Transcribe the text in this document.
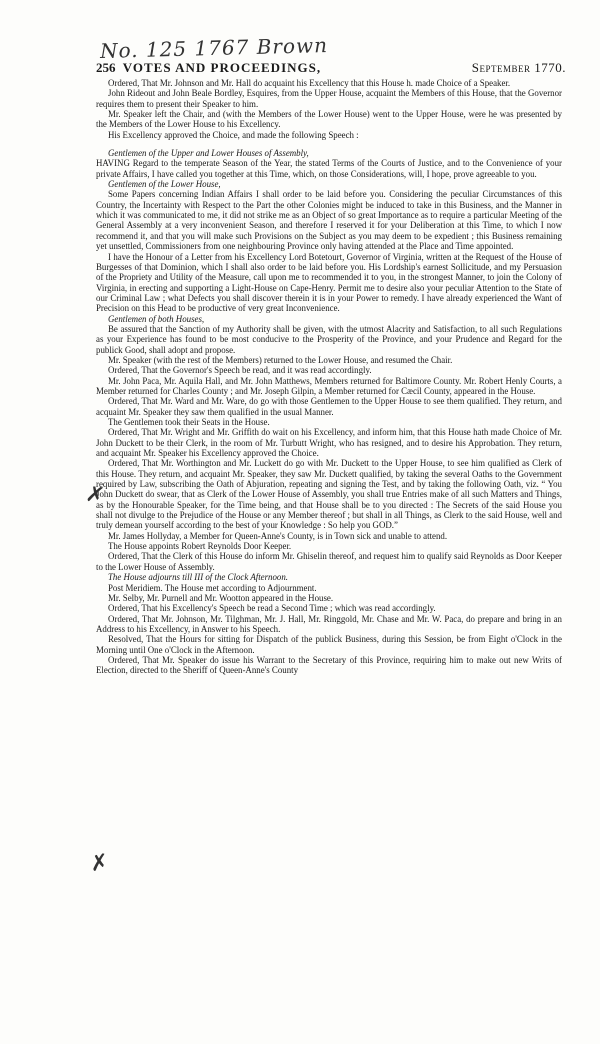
No. 125 1767 Brown
256 VOTES AND PROCEEDINGS,	September 1770.

Ordered, That Mr. Johnson and Mr. Hall do acquaint his Excellency that this House h. made Choice of a Speaker.

John Rideout and John Beale Bordley, Esquires, from the Upper House, acquaint the Members of this House, that the Governor requires them to present their Speaker to him.

Mr. Speaker left the Chair, and (with the Members of the Lower House) went to the Upper House, were he was presented by the Members of the Lower House to his Excellency.

His Excellency approved the Choice, and made the following Speech :

Gentlemen of the Upper and Lower Houses of Assembly,

HAVING Regard to the temperate Season of the Year, the stated Terms of the Courts of Justice, and to the Convenience of your private Affairs, I have called you together at this Time, which, on those Considerations, will, I hope, prove agreeable to you.

Gentlemen of the Lower House,

Some Papers concerning Indian Affairs I shall order to be laid before you. Considering the peculiar Circumstances of this Country, the Incertainty with Respect to the Part the other Colonies might be induced to take in this Business, and the Manner in which it was communicated to me, it did not strike me as an Object of so great Importance as to require a particular Meeting of the General Assembly at a very inconvenient Season, and therefore I reserved it for your Deliberation at this Time, to which I now recommend it, and that you will make such Provisions on the Subject as you may deem to be expedient ; this Business remaining yet unsettled, Commissioners from one neighbouring Province only having attended at the Place and Time appointed.

I have the Honour of a Letter from his Excellency Lord Botetourt, Governor of Virginia, written at the Request of the House of Burgesses of that Dominion, which I shall also order to be laid before you. His Lordship's earnest Sollicitude, and my Persuasion of the Propriety and Utility of the Measure, call upon me to recommended it to you, in the strongest Manner, to join the Colony of Virginia, in erecting and supporting a Light-House on Cape-Henry. Permit me to desire also your peculiar Attention to the State of our Criminal Law ; what Defects you shall discover therein it is in your Power to remedy. I have already experienced the Want of Precision on this Head to be productive of very great Inconvenience.

Gentlemen of both Houses,

Be assured that the Sanction of my Authority shall be given, with the utmost Alacrity and Satisfaction, to all such Regulations as your Experience has found to be most conducive to the Prosperity of the Province, and your Prudence and Regard for the publick Good, shall adopt and propose.

Mr. Speaker (with the rest of the Members) returned to the Lower House, and resumed the Chair.

Ordered, That the Governor's Speech be read, and it was read accordingly.

Mr. John Paca, Mr. Aquila Hall, and Mr. John Matthews, Members returned for Baltimore County. Mr. Robert Henly Courts, a Member returned for Charles County ; and Mr. Joseph Gilpin, a Member returned for Cæcil County, appeared in the House.

Ordered, That Mr. Ward and Mr. Ware, do go with those Gentlemen to the Upper House to see them qualified. They return, and acquaint Mr. Speaker they saw them qualified in the usual Manner.

The Gentlemen took their Seats in the House.

Ordered, That Mr. Wright and Mr. Griffith do wait on his Excellency, and inform him, that this House hath made Choice of Mr. John Duckett to be their Clerk, in the room of Mr. Turbutt Wright, who has resigned, and to desire his Approbation. They return, and acquaint Mr. Speaker his Excellency approved the Choice.

Ordered, That Mr. Worthington and Mr. Luckett do go with Mr. Duckett to the Upper House, to see him qualified as Clerk of this House. They return, and acquaint Mr. Speaker, they saw Mr. Duckett qualified, by taking the several Oaths to the Government required by Law, subscribing the Oath of Abjuration, repeating and signing the Test, and by taking the following Oath, viz. “ You John Duckett do swear, that as Clerk of the Lower House of Assembly, you shall true Entries make of all such Matters and Things, as by the Honourable Speaker, for the Time being, and that House shall be to you directed : The Secrets of the said House you shall not divulge to the Prejudice of the House or any Member thereof ; but shall in all Things, as Clerk to the said House, well and truly demean yourself according to the best of your Knowledge : So help you GOD.”

Mr. James Hollyday, a Member for Queen-Anne's County, is in Town sick and unable to attend.

The House appoints Robert Reynolds Door Keeper.

Ordered, That the Clerk of this House do inform Mr. Ghiselin thereof, and request him to qualify said Reynolds as Door Keeper to the Lower House of Assembly.

The House adjourns till III of the Clock Afternoon.

Post Meridiem. The House met according to Adjournment.

Mr. Selby, Mr. Purnell and Mr. Wootton appeared in the House.

Ordered, That his Excellency's Speech be read a Second Time ; which was read accordingly.

Ordered, That Mr. Johnson, Mr. Tilghman, Mr. J. Hall, Mr. Ringgold, Mr. Chase and Mr. W. Paca, do prepare and bring in an Address to his Excellency, in Answer to his Speech.

Resolved, That the Hours for sitting for Dispatch of the publick Business, during this Session, be from Eight o'Clock in the Morning until One o'Clock in the Afternoon.

Ordered, That Mr. Speaker do issue his Warrant to the Secretary of this Province, requiring him to make out new Writs of Election, directed to the Sheriff of Queen-Anne's County

✗
✗
